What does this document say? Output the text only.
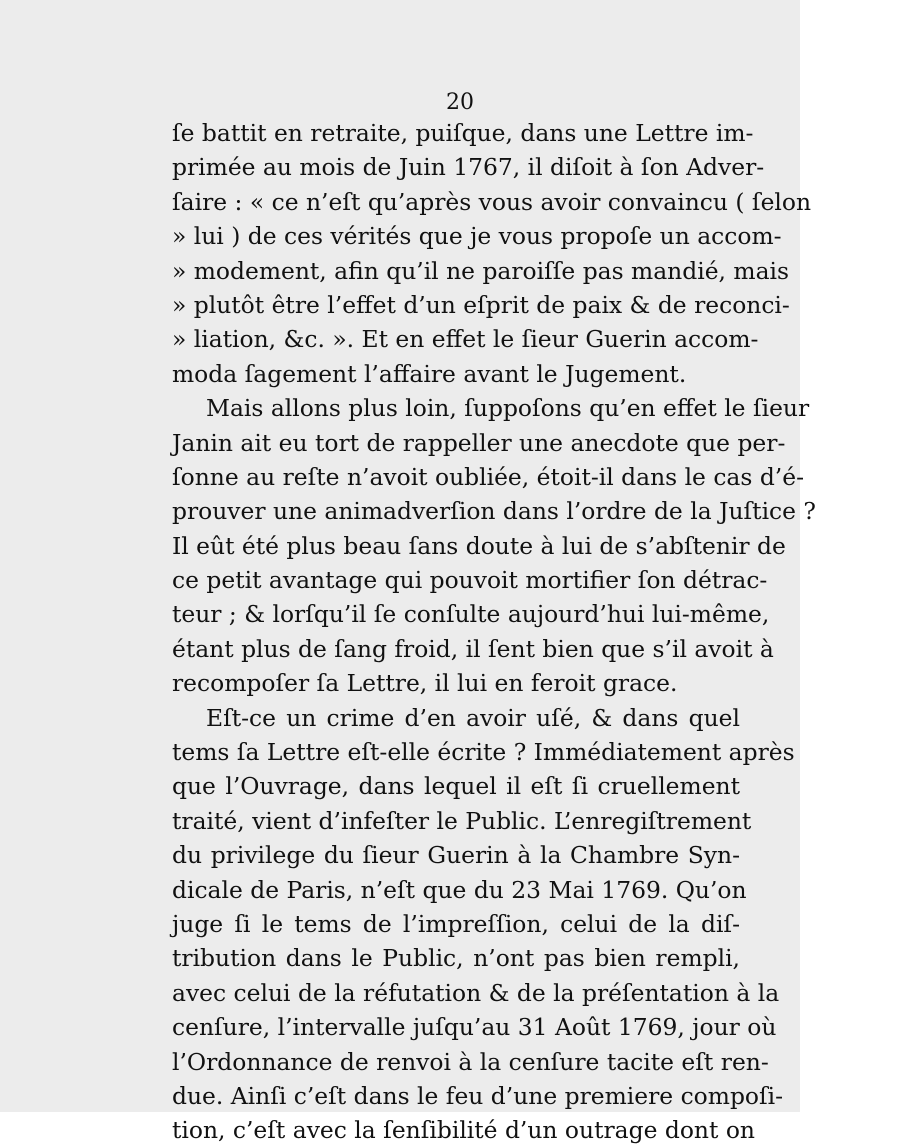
20
ſe battit en retraite, puiſque, dans une Lettre im-
primée au mois de Juin 1767, il diſoit à ſon Adver-
ſaire : « ce n’eſt qu’après vous avoir convaincu ( ſelon
» lui ) de ces vérités que je vous propoſe un accom-
» modement, afin qu’il ne paroiſſe pas mandié, mais
» plutôt être l’effet d’un eſprit de paix & de reconci-
» liation, &c. ». Et en effet le ſieur Guerin accom-
moda ſagement l’affaire avant le Jugement.
Mais allons plus loin, ſuppoſons qu’en effet le ſieur
Janin ait eu tort de rappeller une anecdote que per-
ſonne au reſte n’avoit oubliée, étoit-il dans le cas d’é-
prouver une animadverſion dans l’ordre de la Juſtice ?
Il eût été plus beau ſans doute à lui de s’abſtenir de
ce petit avantage qui pouvoit mortifier ſon détrac-
teur ; & lorſqu’il ſe conſulte aujourd’hui lui-même,
étant plus de ſang froid, il ſent bien que s’il avoit à
recompoſer ſa Lettre, il lui en feroit grace.
Eſt-ce un crime d’en avoir uſé, & dans quel
tems ſa Lettre eſt-elle écrite ? Immédiatement après
que l’Ouvrage, dans lequel il eſt ſi cruellement
traité, vient d’infeſter le Public. L’enregiſtrement
du privilege du ſieur Guerin à la Chambre Syn-
dicale de Paris, n’eſt que du 23 Mai 1769. Qu’on
juge ſi le tems de l’impreſſion, celui de la diſ-
tribution dans le Public, n’ont pas bien rempli,
avec celui de la réfutation & de la préſentation à la
cenſure, l’intervalle juſqu’au 31 Août 1769, jour où
l’Ordonnance de renvoi à la cenſure tacite eſt ren-
due. Ainſi c’eſt dans le feu d’une premiere compoſi-
tion, c’eſt avec la ſenſibilité d’un outrage dont on
